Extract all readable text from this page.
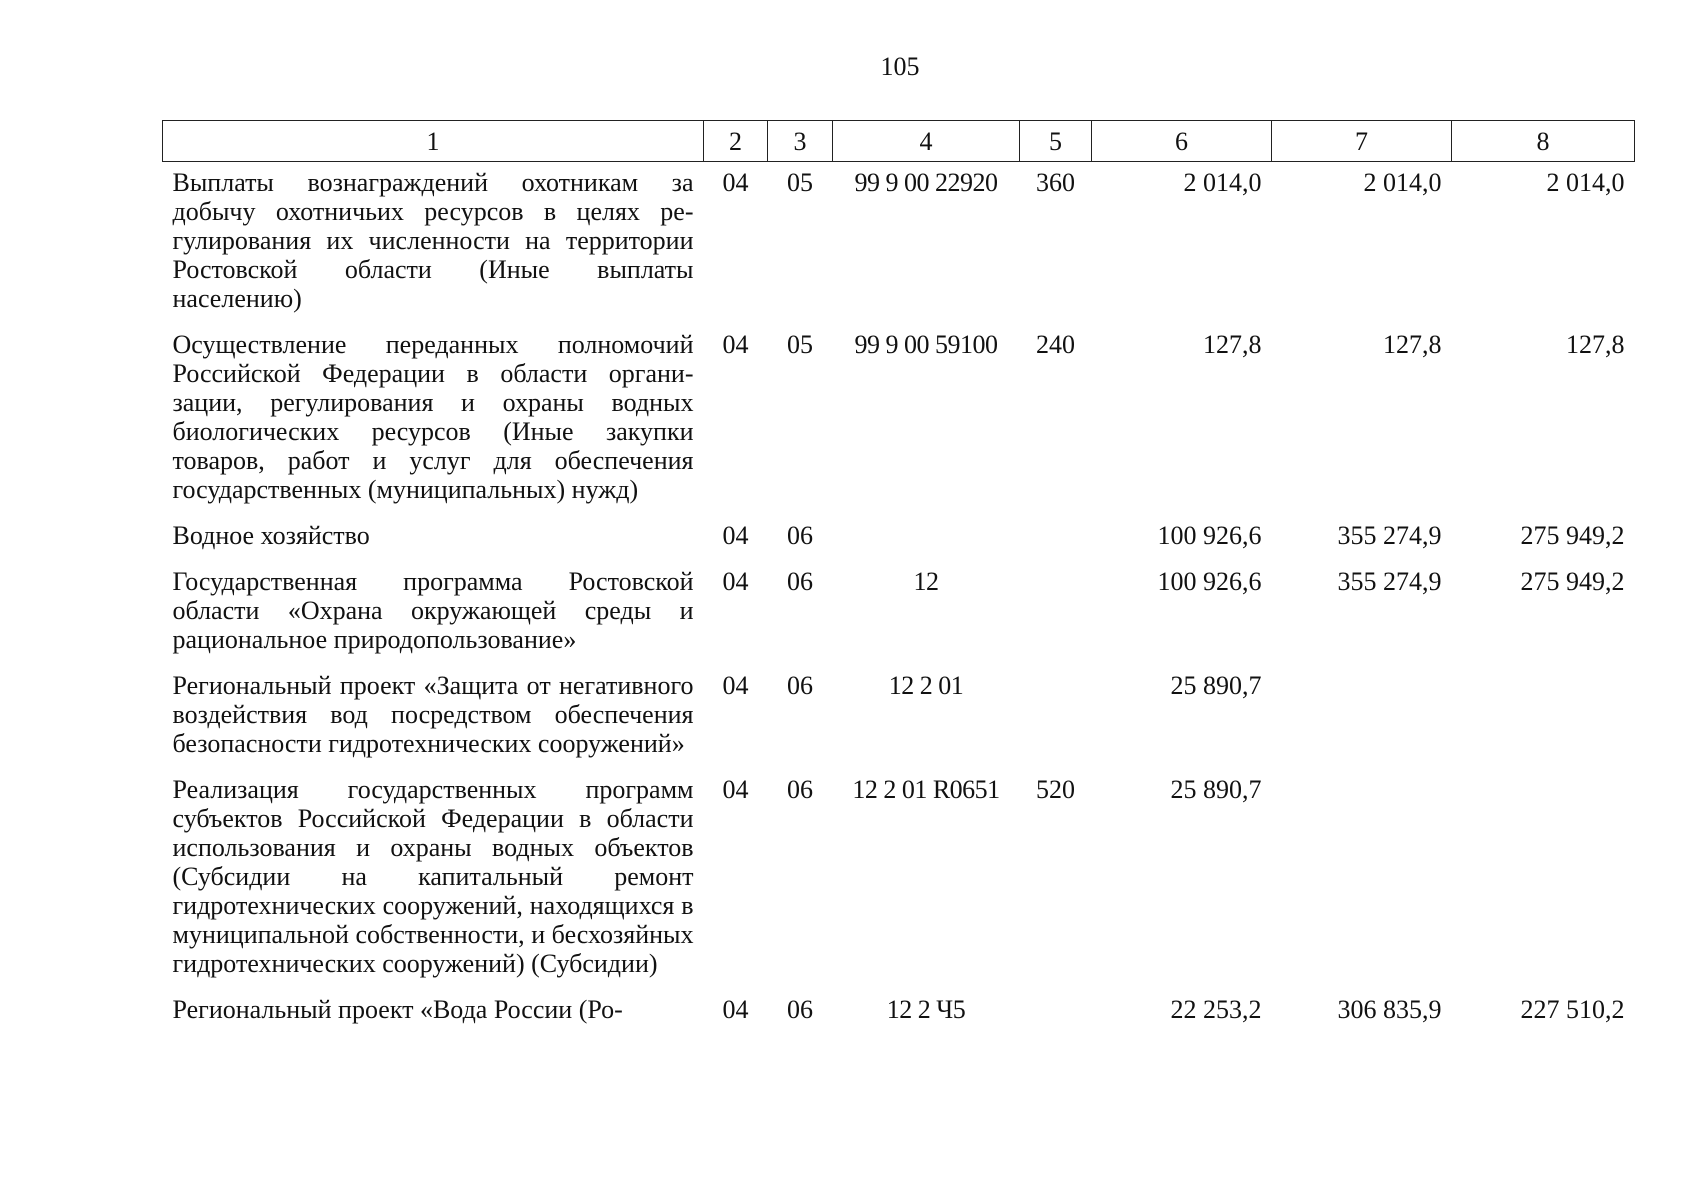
105
1	2	3	4	5	6	7	8
Выплаты вознаграждений охотникам за добычу охотничьих ресурсов в целях регулирования их численности на территории Ростовской области (Иные выплаты населению)	04	05	99 9 00 22920	360	2 014,0	2 014,0	2 014,0
Осуществление переданных полномочий Российской Федерации в области организации, регулирования и охраны водных биологических ресурсов (Иные закупки товаров, работ и услуг для обеспечения государственных (муниципальных) нужд)	04	05	99 9 00 59100	240	127,8	127,8	127,8
Водное хозяйство	04	06			100 926,6	355 274,9	275 949,2
Государственная программа Ростовской области «Охрана окружающей среды и рациональное природопользование»	04	06	12		100 926,6	355 274,9	275 949,2
Региональный проект «Защита от негативного воздействия вод посредством обеспечения безопасности гидротехнических сооружений»	04	06	12 2 01		25 890,7		
Реализация государственных программ субъектов Российской Федерации в области использования и охраны водных объектов (Субсидии на капитальный ремонт гидротехнических сооружений, находящихся в муниципальной собственности, и бесхозяйных гидротехнических сооружений) (Субсидии)	04	06	12 2 01 R0651	520	25 890,7		
Региональный проект «Вода России (Ро-	04	06	12 2 Ч5		22 253,2	306 835,9	227 510,2
